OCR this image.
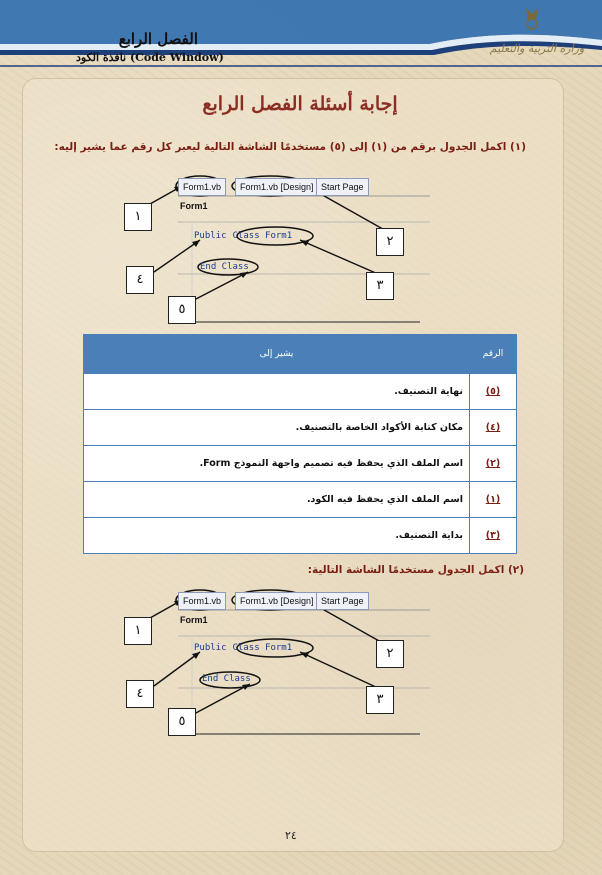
الفصل الرابع
نافذة الكود (Code Window)
وزارة التربية والتعليم
إجابة أسئلة الفصل الرابع
(١) اكمل الجدول برقم من (١) إلى (٥) مستخدمًا الشاشة التالية ليعبر كل رقم عما يشير إليه:
Form1.vb	Form1.vb [Design] Start Page
Form1
Public Class Form1
End Class
١
٢
٣
٤
٥
الرقم	يشير إلى
(٥)	نهاية التصنيف.
(٤)	مكان كتابة الأكواد الخاصة بالتصنيف.
(٢)	اسم الملف الذي يحفظ فيه تصميم واجهة النموذج Form.
(١)	اسم الملف الذي يحفظ فيه الكود.
(٣)	بداية التصنيف.
(٢) اكمل الجدول مستخدمًا الشاشة التالية:
Form1.vb	Form1.vb [Design] Start Page
Form1
Public Class Form1
End Class
١
٢
٣
٤
٥
٢٤
